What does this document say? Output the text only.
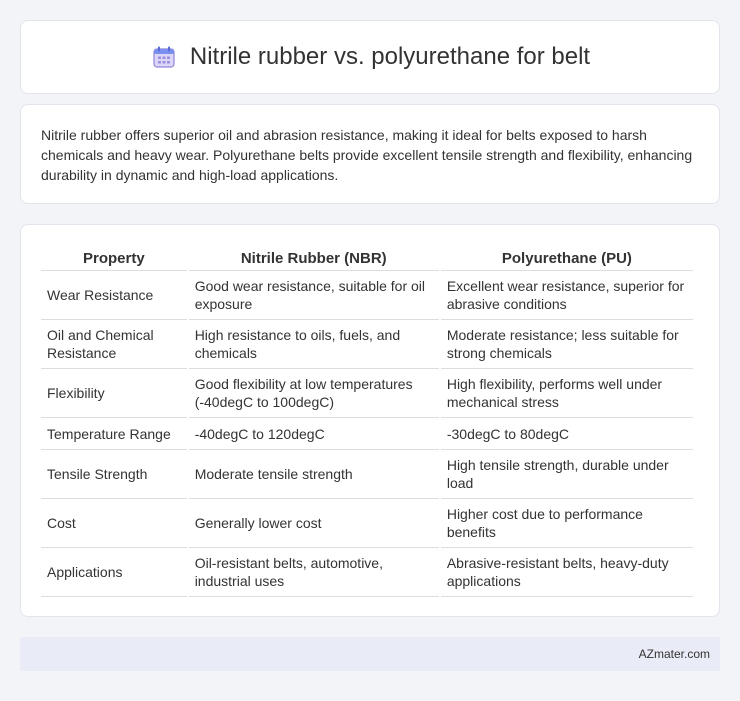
Nitrile rubber vs. polyurethane for belt

Nitrile rubber offers superior oil and abrasion resistance, making it ideal for belts exposed to harsh chemicals and heavy wear. Polyurethane belts provide excellent tensile strength and flexibility, enhancing durability in dynamic and high-load applications.

Property	Nitrile Rubber (NBR)	Polyurethane (PU)
Wear Resistance	Good wear resistance, suitable for oil exposure	Excellent wear resistance, superior for abrasive conditions
Oil and Chemical Resistance	High resistance to oils, fuels, and chemicals	Moderate resistance; less suitable for strong chemicals
Flexibility	Good flexibility at low temperatures (-40degC to 100degC)	High flexibility, performs well under mechanical stress
Temperature Range	-40degC to 120degC	-30degC to 80degC
Tensile Strength	Moderate tensile strength	High tensile strength, durable under load
Cost	Generally lower cost	Higher cost due to performance benefits
Applications	Oil-resistant belts, automotive, industrial uses	Abrasive-resistant belts, heavy-duty applications
AZmater.com
